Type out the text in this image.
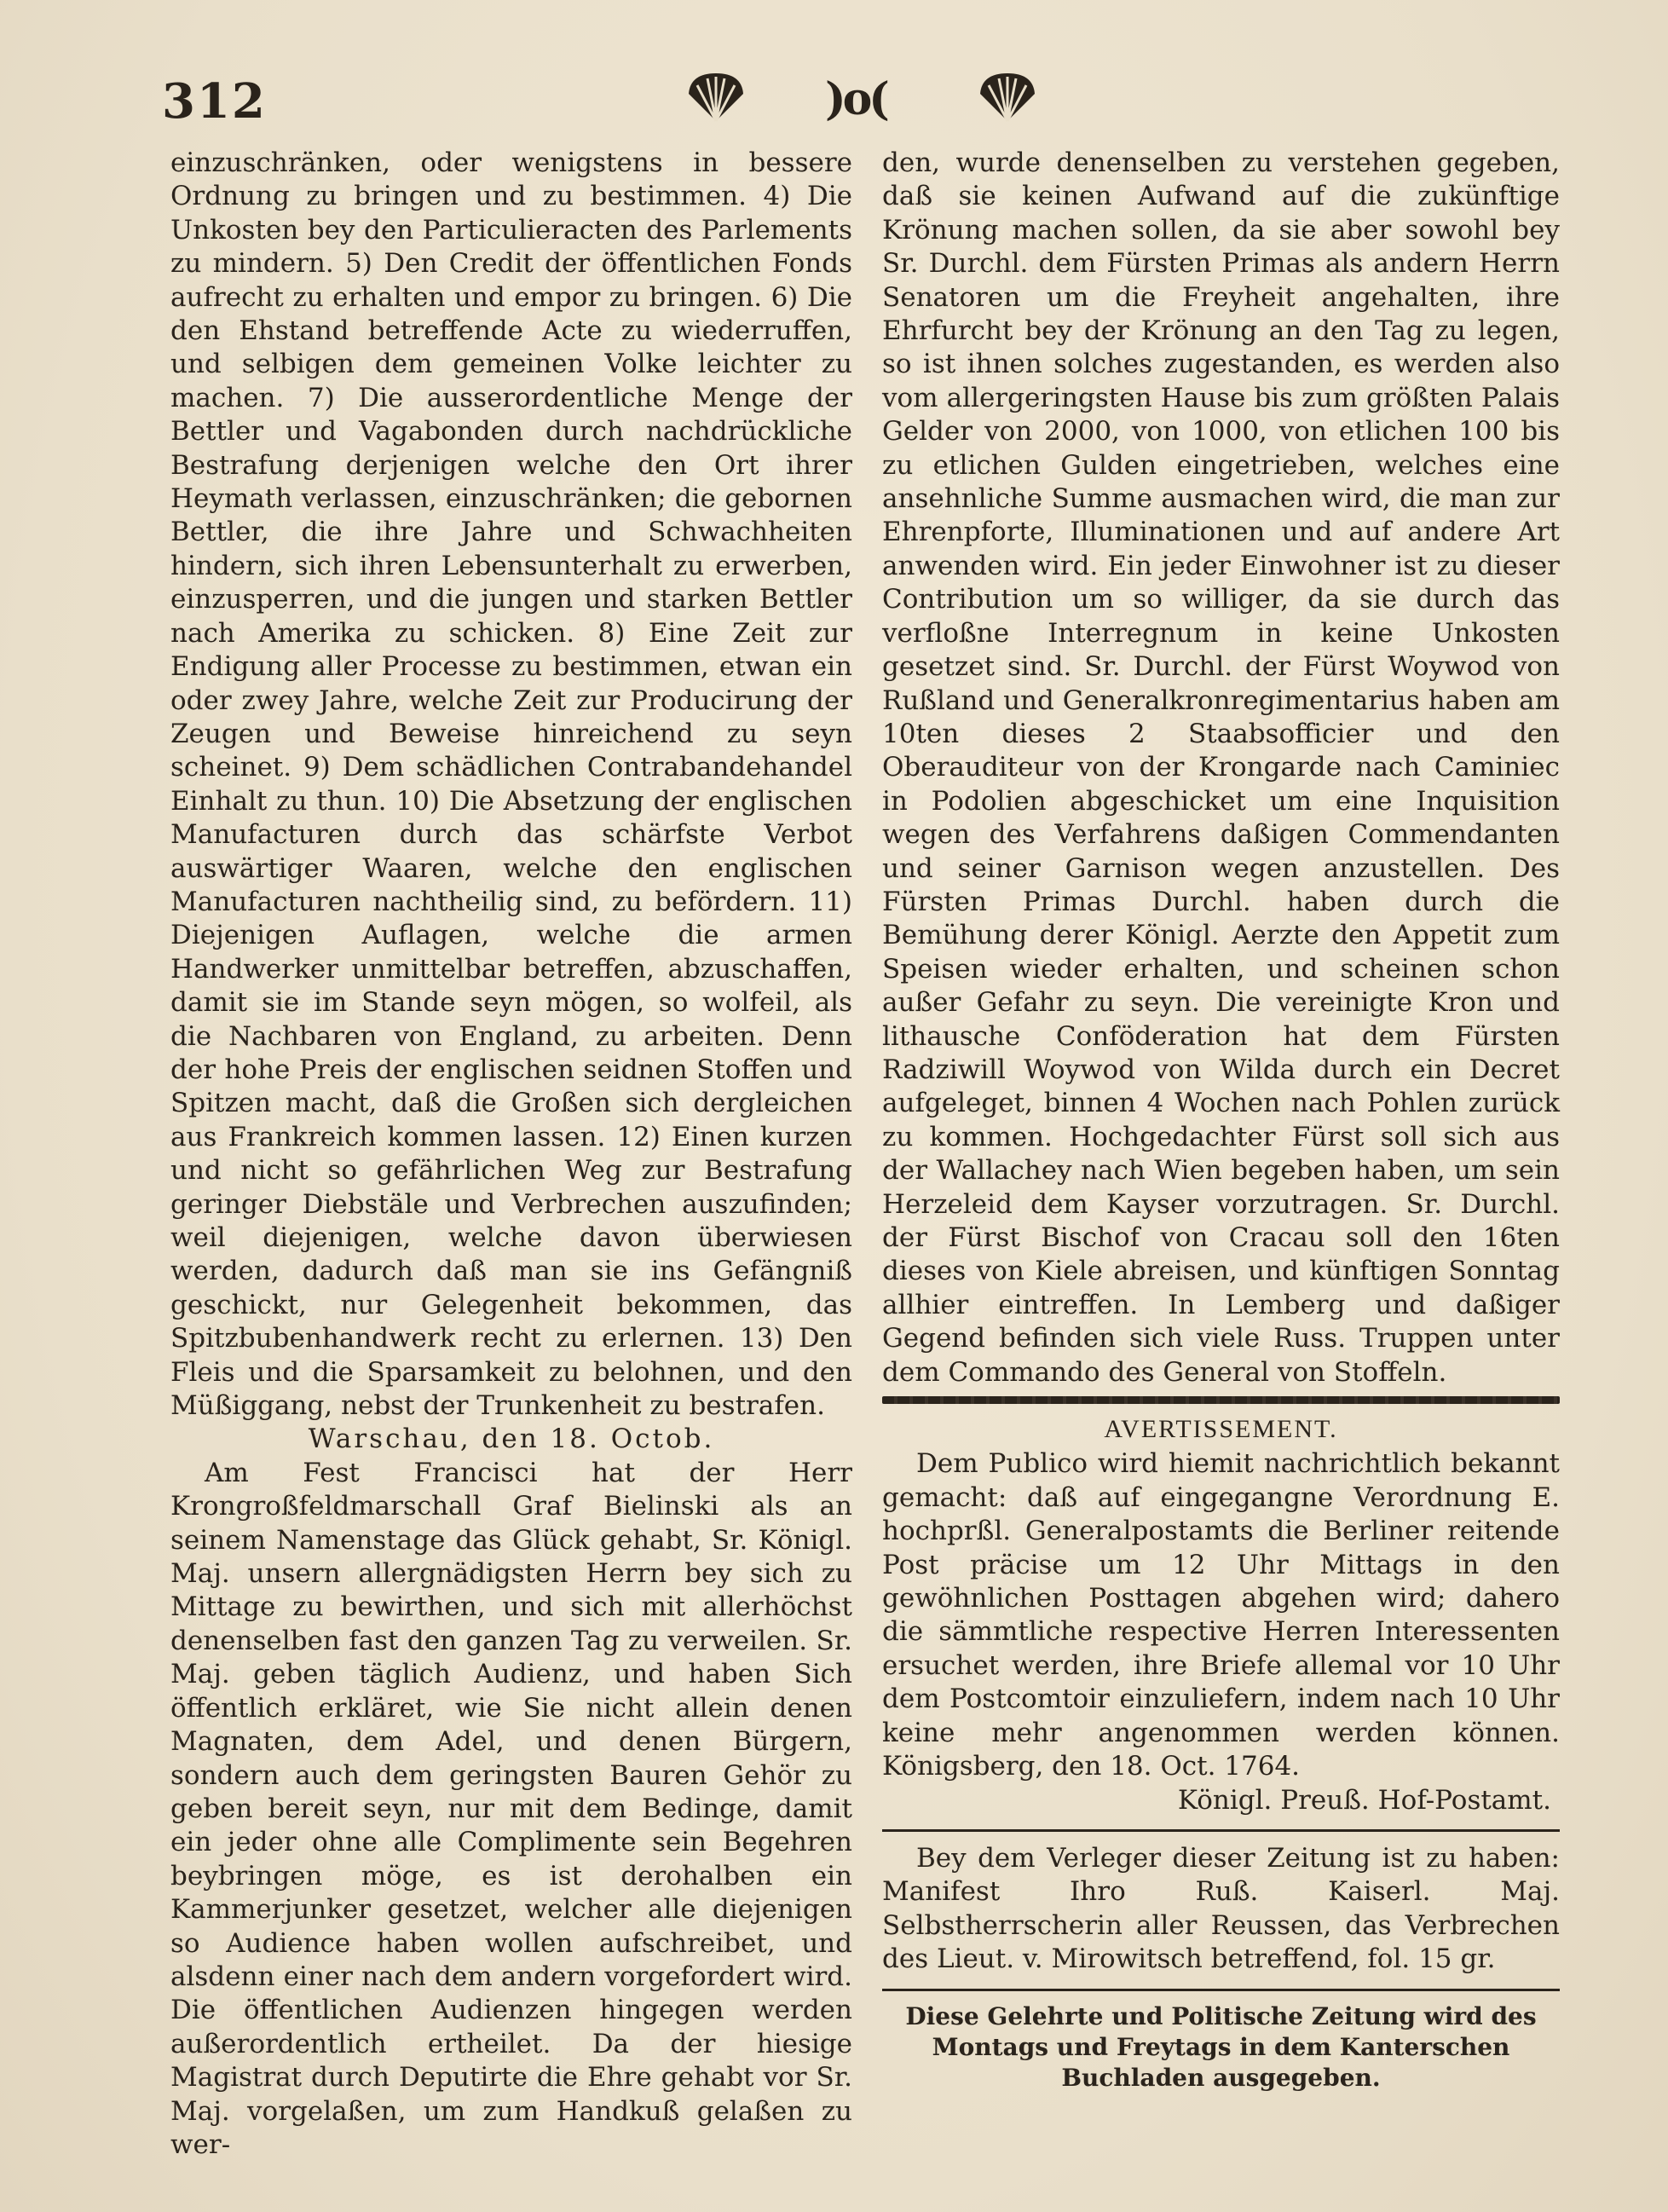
312	)o(

einzuschränken, oder wenigstens in bessere Ordnung zu bringen und zu bestimmen. 4) Die Unkosten bey den Particulieracten des Parlements zu mindern. 5) Den Credit der öffentlichen Fonds aufrecht zu erhalten und empor zu bringen. 6) Die den Ehstand betreffende Acte zu wiederruffen, und selbigen dem gemeinen Volke leichter zu machen. 7) Die ausserordentliche Menge der Bettler und Vagabonden durch nachdrückliche Bestrafung derjenigen welche den Ort ihrer Heymath verlassen, einzuschränken; die gebornen Bettler, die ihre Jahre und Schwachheiten hindern, sich ihren Lebensunterhalt zu erwerben, einzusperren, und die jungen und starken Bettler nach Amerika zu schicken. 8) Eine Zeit zur Endigung aller Processe zu bestimmen, etwan ein oder zwey Jahre, welche Zeit zur Producirung der Zeugen und Beweise hinreichend zu seyn scheinet. 9) Dem schädlichen Contrabandehandel Einhalt zu thun. 10) Die Absetzung der englischen Manufacturen durch das schärfste Verbot auswärtiger Waaren, welche den englischen Manufacturen nachtheilig sind, zu befördern. 11) Diejenigen Auflagen, welche die armen Handwerker unmittelbar betreffen, abzuschaffen, damit sie im Stande seyn mögen, so wolfeil, als die Nachbaren von England, zu arbeiten. Denn der hohe Preis der englischen seidnen Stoffen und Spitzen macht, daß die Großen sich dergleichen aus Frankreich kommen lassen. 12) Einen kurzen und nicht so gefährlichen Weg zur Bestrafung geringer Diebstäle und Verbrechen auszufinden; weil diejenigen, welche davon überwiesen werden, dadurch daß man sie ins Gefängniß geschickt, nur Gelegenheit bekommen, das Spitzbubenhandwerk recht zu erlernen. 13) Den Fleis und die Sparsamkeit zu belohnen, und den Müßiggang, nebst der Trunkenheit zu bestrafen.

Warschau, den 18. Octob.

Am Fest Francisci hat der Herr Krongroßfeldmarschall Graf Bielinski als an seinem Namenstage das Glück gehabt, Sr. Königl. Maj. unsern allergnädigsten Herrn bey sich zu Mittage zu bewirthen, und sich mit allerhöchst denenselben fast den ganzen Tag zu verweilen. Sr. Maj. geben täglich Audienz, und haben Sich öffentlich erkläret, wie Sie nicht allein denen Magnaten, dem Adel, und denen Bürgern, sondern auch dem geringsten Bauren Gehör zu geben bereit seyn, nur mit dem Bedinge, damit ein jeder ohne alle Complimente sein Begehren beybringen möge, es ist derohalben ein Kammerjunker gesetzet, welcher alle diejenigen so Audience haben wollen aufschreibet, und alsdenn einer nach dem andern vorgefordert wird. Die öffentlichen Audienzen hingegen werden außerordentlich ertheilet. Da der hiesige Magistrat durch Deputirte die Ehre gehabt vor Sr. Maj. vorgelaßen, um zum Handkuß gelaßen zu wer-

den, wurde denenselben zu verstehen gegeben, daß sie keinen Aufwand auf die zukünftige Krönung machen sollen, da sie aber sowohl bey Sr. Durchl. dem Fürsten Primas als andern Herrn Senatoren um die Freyheit angehalten, ihre Ehrfurcht bey der Krönung an den Tag zu legen, so ist ihnen solches zugestanden, es werden also vom allergeringsten Hause bis zum größten Palais Gelder von 2000, von 1000, von etlichen 100 bis zu etlichen Gulden eingetrieben, welches eine ansehnliche Summe ausmachen wird, die man zur Ehrenpforte, Illuminationen und auf andere Art anwenden wird. Ein jeder Einwohner ist zu dieser Contribution um so williger, da sie durch das verfloßne Interregnum in keine Unkosten gesetzet sind. Sr. Durchl. der Fürst Woywod von Rußland und Generalkronregimentarius haben am 10ten dieses 2 Staabsofficier und den Oberauditeur von der Krongarde nach Caminiec in Podolien abgeschicket um eine Inquisition wegen des Verfahrens daßigen Commendanten und seiner Garnison wegen anzustellen. Des Fürsten Primas Durchl. haben durch die Bemühung derer Königl. Aerzte den Appetit zum Speisen wieder erhalten, und scheinen schon außer Gefahr zu seyn. Die vereinigte Kron und lithausche Conföderation hat dem Fürsten Radziwill Woywod von Wilda durch ein Decret aufgeleget, binnen 4 Wochen nach Pohlen zurück zu kommen. Hochgedachter Fürst soll sich aus der Wallachey nach Wien begeben haben, um sein Herzeleid dem Kayser vorzutragen. Sr. Durchl. der Fürst Bischof von Cracau soll den 16ten dieses von Kiele abreisen, und künftigen Sonntag allhier eintreffen. In Lemberg und daßiger Gegend befinden sich viele Russ. Truppen unter dem Commando des General von Stoffeln.

AVERTISSEMENT.

Dem Publico wird hiemit nachrichtlich bekannt gemacht: daß auf eingegangne Verordnung E. hochprßl. Generalpostamts die Berliner reitende Post präcise um 12 Uhr Mittags in den gewöhnlichen Posttagen abgehen wird; dahero die sämmtliche respective Herren Interessenten ersuchet werden, ihre Briefe allemal vor 10 Uhr dem Postcomtoir einzuliefern, indem nach 10 Uhr keine mehr angenommen werden können. Königsberg, den 18. Oct. 1764.

Königl. Preuß. Hof-Postamt.

Bey dem Verleger dieser Zeitung ist zu haben: Manifest Ihro Ruß. Kaiserl. Maj. Selbstherrscherin aller Reussen, das Verbrechen des Lieut. v. Mirowitsch betreffend, fol. 15 gr.

Diese Gelehrte und Politische Zeitung wird des Montags und Freytags in dem Kanterschen Buchladen ausgegeben.
